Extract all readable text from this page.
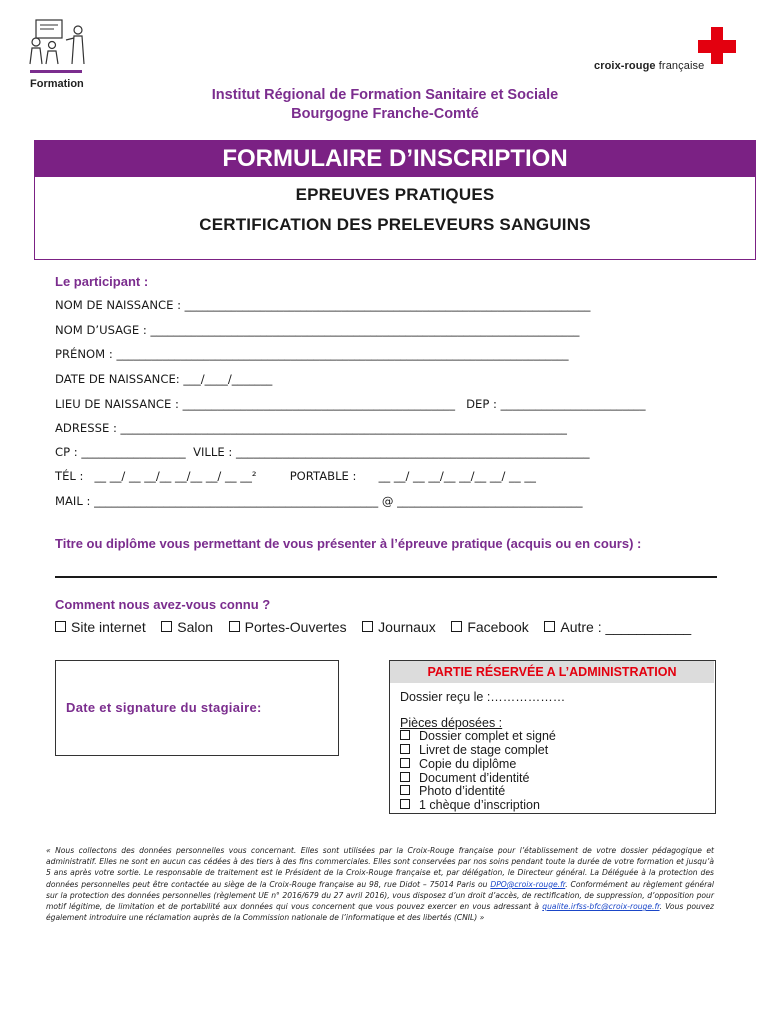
Formation
croix-rouge française
Institut Régional de Formation Sanitaire et Sociale
Bourgogne Franche-Comté
FORMULAIRE D’INSCRIPTION
EPREUVES PRATIQUES
CERTIFICATION DES PRELEVEURS SANGUINS
Le participant :
NOM DE NAISSANCE : ______________________________________________________________________
NOM D’USAGE : __________________________________________________________________________
PRÉNOM : ______________________________________________________________________________
DATE DE NAISSANCE: ___/____/_______
LIEU DE NAISSANCE : _______________________________________________   DEP : _________________________
ADRESSE : _____________________________________________________________________________
CP : __________________  VILLE : _____________________________________________________________
TÉL :   __ __/ __ __/__ __/__ __/ __ __²         PORTABLE :      __ __/ __ __/__ __/__ __/ __ __
MAIL : _________________________________________________ @ ________________________________
Titre ou diplôme vous permettant de vous présenter à l’épreuve pratique (acquis ou en cours) :
Comment nous avez-vous connu ?
Site internet Salon Portes-Ouvertes Journaux Facebook Autre : ___________
Date et signature du stagiaire:
PARTIE RÉSERVÉE A L’ADMINISTRATION
Dossier reçu le :………………
Pièces déposées :
Dossier complet et signé
Livret de stage complet
Copie du diplôme
Document d’identité
Photo d’identité
1 chèque d’inscription
« Nous collectons des données personnelles vous concernant. Elles sont utilisées par la Croix-Rouge française pour l’établissement de votre dossier pédagogique et administratif. Elles ne sont en aucun cas cédées à des tiers à des fins commerciales. Elles sont conservées par nos soins pendant toute la durée de votre formation et jusqu’à 5 ans après votre sortie. Le responsable de traitement est le Président de la Croix-Rouge française et, par délégation, le Directeur général. La Déléguée à la protection des données personnelles peut être contactée au siège de la Croix-Rouge française au 98, rue Didot – 75014 Paris ou DPO@croix-rouge.fr. Conformément au règlement général sur la protection des données personnelles (règlement UE n° 2016/679 du 27 avril 2016), vous disposez d’un droit d’accès, de rectification, de suppression, d’opposition pour motif légitime, de limitation et de portabilité aux données qui vous concernent que vous pouvez exercer en vous adressant à qualite.irfss-bfc@croix-rouge.fr. Vous pouvez également introduire une réclamation auprès de la Commission nationale de l’informatique et des libertés (CNIL) »
